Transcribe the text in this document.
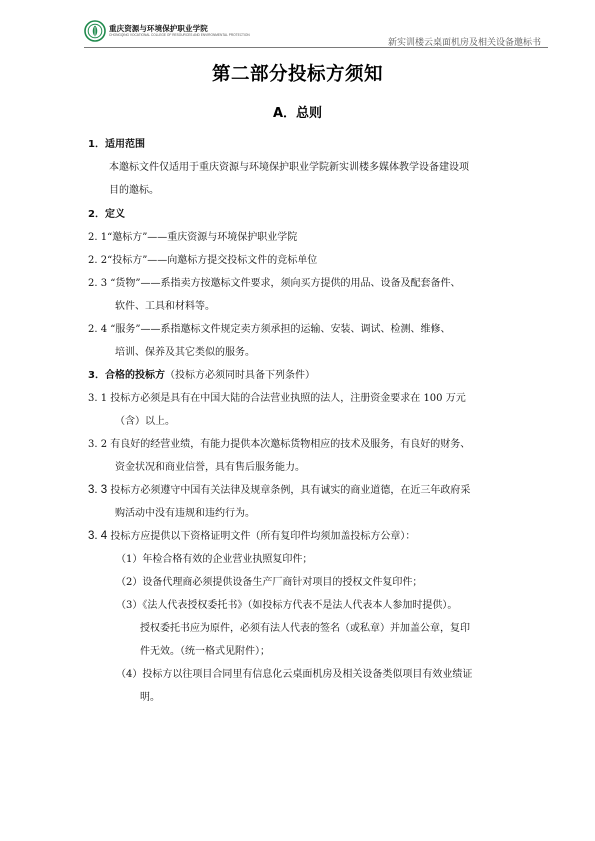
重庆资源与环境保护职业学院
CHONGQING VOCATIONAL COLLEGE OF RESOURCES AND ENVIRONMENTAL PROTECTION
新实训楼云桌面机房及相关设备邀标书
第二部分投标方须知
A．总则
1．适用范围
本邀标文件仅适用于重庆资源与环境保护职业学院新实训楼多媒体教学设备建设项
目的邀标。
2．定义
2. 1“邀标方”——重庆资源与环境保护职业学院
2. 2“投标方”——向邀标方提交投标文件的竞标单位
2. 3 “货物”——系指卖方按邀标文件要求，须向买方提供的用品、设备及配套备件、
软件、工具和材料等。
2. 4 “服务”——系指邀标文件规定卖方须承担的运输、安装、调试、检测、维修、
培训、保养及其它类似的服务。
3．合格的投标方（投标方必须同时具备下列条件）
3. 1 投标方必须是具有在中国大陆的合法营业执照的法人，注册资金要求在 100 万元
（含）以上。
3. 2 有良好的经营业绩，有能力提供本次邀标货物相应的技术及服务，有良好的财务、
资金状况和商业信誉，具有售后服务能力。
3. 3 投标方必须遵守中国有关法律及规章条例，具有诚实的商业道德，在近三年政府采
购活动中没有违规和违约行为。
3. 4 投标方应提供以下资格证明文件（所有复印件均须加盖投标方公章）：
（1）年检合格有效的企业营业执照复印件；
（2）设备代理商必须提供设备生产厂商针对项目的授权文件复印件；
（3）《法人代表授权委托书》（如投标方代表不是法人代表本人参加时提供）。
授权委托书应为原件，必须有法人代表的签名（或私章）并加盖公章，复印
件无效。（统一格式见附件）；
（4）投标方以往项目合同里有信息化云桌面机房及相关设备类似项目有效业绩证
明。
